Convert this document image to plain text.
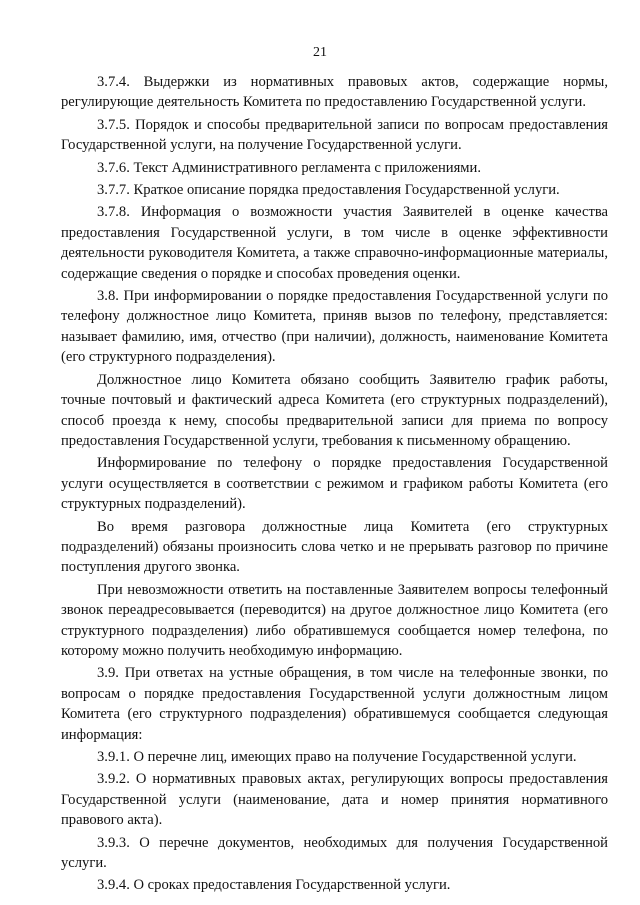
21

3.7.4. Выдержки из нормативных правовых актов, содержащие нормы, регулирующие деятельность Комитета по предоставлению Государственной услуги.

3.7.5. Порядок и способы предварительной записи по вопросам предоставления Государственной услуги, на получение Государственной услуги.

3.7.6. Текст Административного регламента с приложениями.

3.7.7. Краткое описание порядка предоставления Государственной услуги.

3.7.8. Информация о возможности участия Заявителей в оценке качества предоставления Государственной услуги, в том числе в оценке эффективности деятельности руководителя Комитета, а также справочно-информационные материалы, содержащие сведения о порядке и способах проведения оценки.

3.8. При информировании о порядке предоставления Государственной услуги по телефону должностное лицо Комитета, приняв вызов по телефону, представляется: называет фамилию, имя, отчество (при наличии), должность, наименование Комитета (его структурного подразделения).

Должностное лицо Комитета обязано сообщить Заявителю график работы, точные почтовый и фактический адреса Комитета (его структурных подразделений), способ проезда к нему, способы предварительной записи для приема по вопросу предоставления Государственной услуги, требования к письменному обращению.

Информирование по телефону о порядке предоставления Государственной услуги осуществляется в соответствии с режимом и графиком работы Комитета (его структурных подразделений).

Во время разговора должностные лица Комитета (его структурных подразделений) обязаны произносить слова четко и не прерывать разговор по причине поступления другого звонка.

При невозможности ответить на поставленные Заявителем вопросы телефонный звонок переадресовывается (переводится) на другое должностное лицо Комитета (его структурного подразделения) либо обратившемуся сообщается номер телефона, по которому можно получить необходимую информацию.

3.9. При ответах на устные обращения, в том числе на телефонные звонки, по вопросам о порядке предоставления Государственной услуги должностным лицом Комитета (его структурного подразделения) обратившемуся сообщается следующая информация:

3.9.1. О перечне лиц, имеющих право на получение Государственной услуги.

3.9.2. О нормативных правовых актах, регулирующих вопросы предоставления Государственной услуги (наименование, дата и номер принятия нормативного правового акта).

3.9.3. О перечне документов, необходимых для получения Государственной услуги.

3.9.4. О сроках предоставления Государственной услуги.
